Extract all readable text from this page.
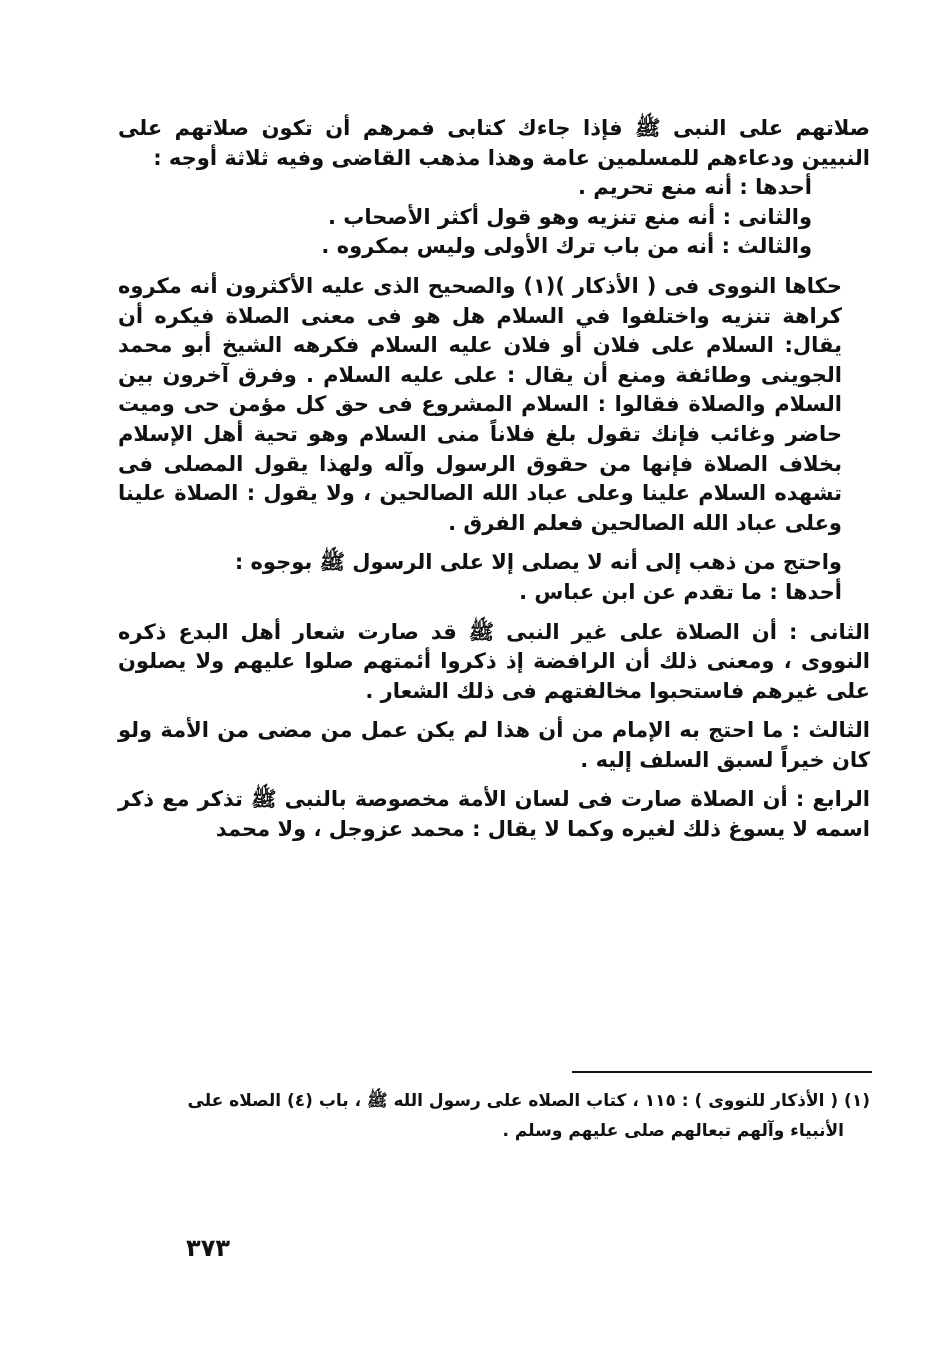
صلاتهم على النبى ﷺ فإذا جاءك كتابى فمرهم أن تكون صلاتهم على النبيين ودعاءهم للمسلمين عامة وهذا مذهب القاضى وفيه ثلاثة أوجه :

أحدها : أنه منع تحريم .

والثانى : أنه منع تنزيه وهو قول أكثر الأصحاب .

والثالث : أنه من باب ترك الأولى وليس بمكروه .

حكاها النووى فى ( الأذكار )(١) والصحيح الذى عليه الأكثرون أنه مكروه كراهة تنزيه واختلفوا في السلام هل هو فى معنى الصلاة فيكره أن يقال: السلام على فلان أو فلان عليه السلام فكرهه الشيخ أبو محمد الجوينى وطائفة ومنع أن يقال : على عليه السلام . وفرق آخرون بين السلام والصلاة فقالوا : السلام المشروع فى حق كل مؤمن حى وميت حاضر وغائب فإنك تقول بلغ فلاناً منى السلام وهو تحية أهل الإسلام بخلاف الصلاة فإنها من حقوق الرسول وآله ولهذا يقول المصلى فى تشهده السلام علينا وعلى عباد الله الصالحين ، ولا يقول : الصلاة علينا وعلى عباد الله الصالحين فعلم الفرق .

واحتج من ذهب إلى أنه لا يصلى إلا على الرسول ﷺ بوجوه :

أحدها : ما تقدم عن ابن عباس .

الثانى : أن الصلاة على غير النبى ﷺ قد صارت شعار أهل البدع ذكره النووى ، ومعنى ذلك أن الرافضة إذ ذكروا أئمتهم صلوا عليهم ولا يصلون على غيرهم فاستحبوا مخالفتهم فى ذلك الشعار .

الثالث : ما احتج به الإمام من أن هذا لم يكن عمل من مضى من الأمة ولو كان خيراً لسبق السلف إليه .

الرابع : أن الصلاة صارت فى لسان الأمة مخصوصة بالنبى ﷺ تذكر مع ذكر اسمه لا يسوغ ذلك لغيره وكما لا يقال : محمد عزوجل ، ولا محمد

(١) ( الأذكار للنووى ) : ١١٥ ، كتاب الصلاه على رسول الله ﷺ ، باب (٤) الصلاه على

الأنبياء وآلهم تبعالهم صلى عليهم وسلم .

٣٧٣
